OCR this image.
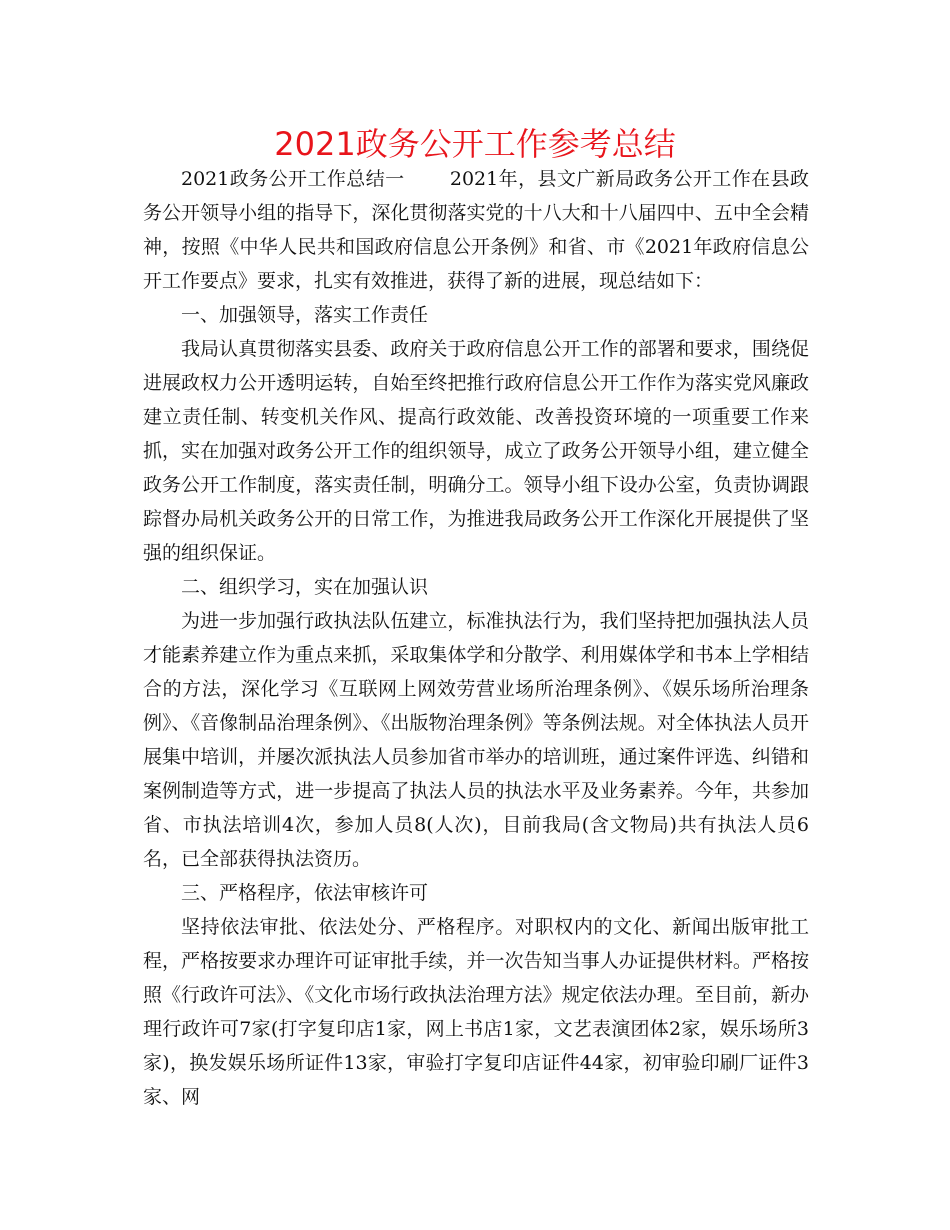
2021政务公开工作参考总结

2021政务公开工作总结一　　 2021年，县文广新局政务公开工作在县政务公开领导小组的指导下，深化贯彻落实党的十八大和十八届四中、五中全会精神，按照《中华人民共和国政府信息公开条例》和省、市《2021年政府信息公开工作要点》要求，扎实有效推进，获得了新的进展，现总结如下：

一、加强领导，落实工作责任

我局认真贯彻落实县委、政府关于政府信息公开工作的部署和要求，围绕促进展政权力公开透明运转，自始至终把推行政府信息公开工作作为落实党风廉政建立责任制、转变机关作风、提高行政效能、改善投资环境的一项重要工作来抓，实在加强对政务公开工作的组织领导，成立了政务公开领导小组，建立健全政务公开工作制度，落实责任制，明确分工。领导小组下设办公室，负责协调跟踪督办局机关政务公开的日常工作，为推进我局政务公开工作深化开展提供了坚强的组织保证。

二、组织学习，实在加强认识

为进一步加强行政执法队伍建立，标准执法行为，我们坚持把加强执法人员才能素养建立作为重点来抓，采取集体学和分散学、利用媒体学和书本上学相结合的方法，深化学习《互联网上网效劳营业场所治理条例》、《娱乐场所治理条例》、《音像制品治理条例》、《出版物治理条例》等条例法规。对全体执法人员开展集中培训，并屡次派执法人员参加省市举办的培训班，通过案件评选、纠错和案例制造等方式，进一步提高了执法人员的执法水平及业务素养。今年，共参加省、市执法培训4次，参加人员8(人次)，目前我局(含文物局)共有执法人员6名，已全部获得执法资历。

三、严格程序，依法审核许可

坚持依法审批、依法处分、严格程序。对职权内的文化、新闻出版审批工程，严格按要求办理许可证审批手续，并一次告知当事人办证提供材料。严格按照《行政许可法》、《文化市场行政执法治理方法》规定依法办理。至目前，新办理行政许可7家(打字复印店1家，网上书店1家，文艺表演团体2家，娱乐场所3家)，换发娱乐场所证件13家，审验打字复印店证件44家，初审验印刷厂证件3家、网
